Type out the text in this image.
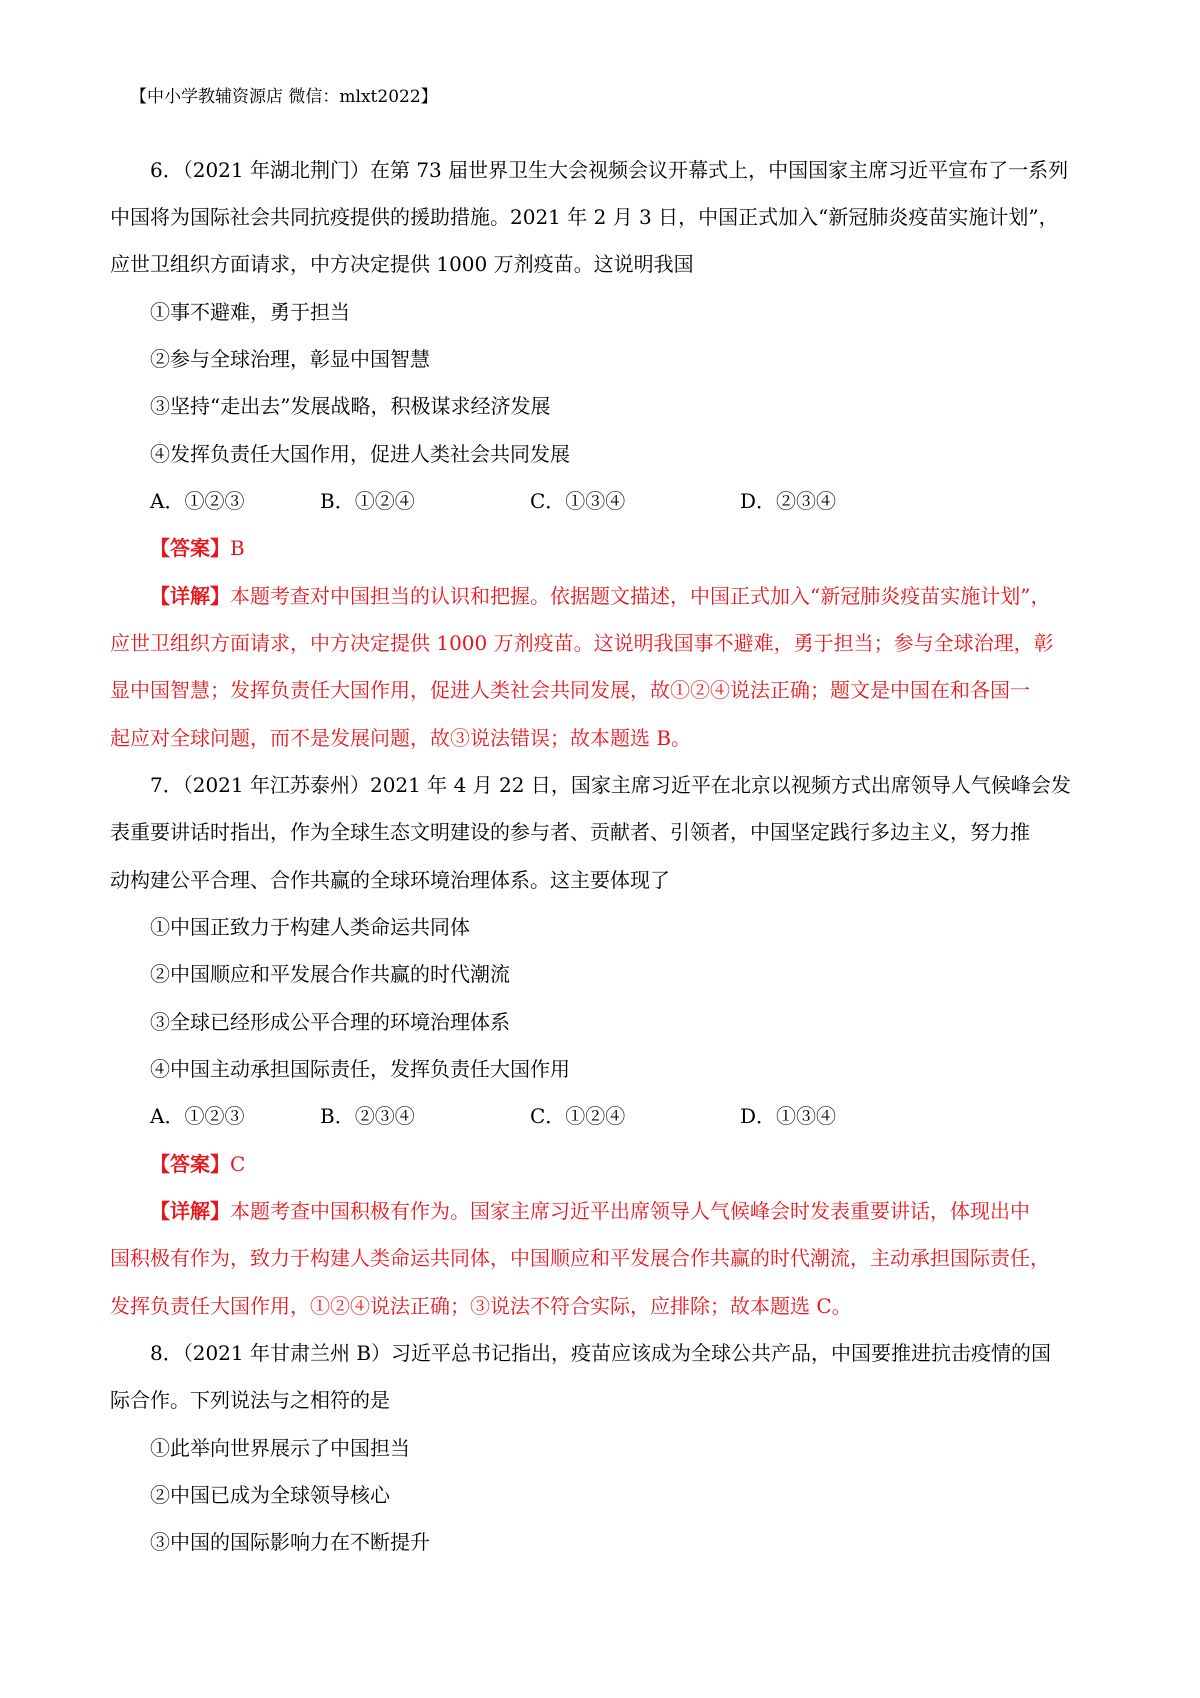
【中小学教辅资源店 微信：mlxt2022】
6．（2021 年湖北荆门）在第 73 届世界卫生大会视频会议开幕式上，中国国家主席习近平宣布了一系列
中国将为国际社会共同抗疫提供的援助措施。2021 年 2 月 3 日，中国正式加入“新冠肺炎疫苗实施计划”，
应世卫组织方面请求，中方决定提供 1000 万剂疫苗。这说明我国
①事不避难，勇于担当
②参与全球治理，彰显中国智慧
③坚持“走出去”发展战略，积极谋求经济发展
④发挥负责任大国作用，促进人类社会共同发展
A．①②③	B．①②④	C．①③④	D．②③④
【答案】B
【详解】本题考查对中国担当的认识和把握。依据题文描述，中国正式加入“新冠肺炎疫苗实施计划”，
应世卫组织方面请求，中方决定提供 1000 万剂疫苗。这说明我国事不避难，勇于担当；参与全球治理，彰
显中国智慧；发挥负责任大国作用，促进人类社会共同发展，故①②④说法正确；题文是中国在和各国一
起应对全球问题，而不是发展问题，故③说法错误；故本题选 B。
7．（2021 年江苏泰州）2021 年 4 月 22 日，国家主席习近平在北京以视频方式出席领导人气候峰会发
表重要讲话时指出，作为全球生态文明建设的参与者、贡献者、引领者，中国坚定践行多边主义，努力推
动构建公平合理、合作共赢的全球环境治理体系。这主要体现了
①中国正致力于构建人类命运共同体
②中国顺应和平发展合作共赢的时代潮流
③全球已经形成公平合理的环境治理体系
④中国主动承担国际责任，发挥负责任大国作用
A．①②③	B．②③④	C．①②④	D．①③④
【答案】C
【详解】本题考查中国积极有作为。国家主席习近平出席领导人气候峰会时发表重要讲话，体现出中
国积极有作为，致力于构建人类命运共同体，中国顺应和平发展合作共赢的时代潮流，主动承担国际责任，
发挥负责任大国作用，①②④说法正确；③说法不符合实际，应排除；故本题选 C。
8．（2021 年甘肃兰州 B）习近平总书记指出，疫苗应该成为全球公共产品，中国要推进抗击疫情的国
际合作。下列说法与之相符的是
①此举向世界展示了中国担当
②中国已成为全球领导核心
③中国的国际影响力在不断提升
